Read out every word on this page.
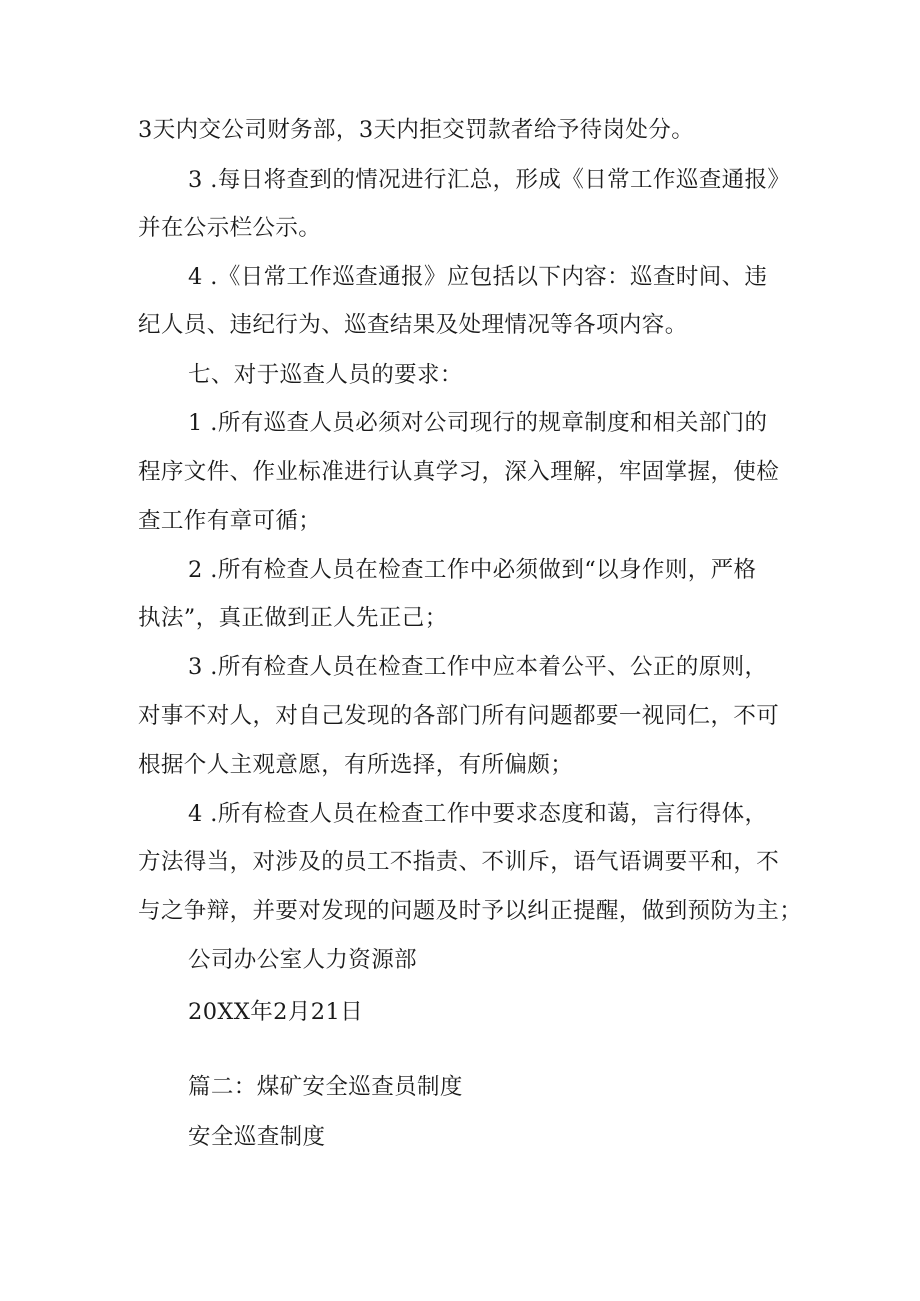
3天内交公司财务部，3天内拒交罚款者给予待岗处分。
3 .每日将查到的情况进行汇总，形成《日常工作巡查通报》
并在公示栏公示。
4 .《日常工作巡查通报》应包括以下内容：巡查时间、违
纪人员、违纪行为、巡查结果及处理情况等各项内容。
七、对于巡查人员的要求：
1 .所有巡查人员必须对公司现行的规章制度和相关部门的
程序文件、作业标准进行认真学习，深入理解，牢固掌握，使检
查工作有章可循；
2 .所有检查人员在检查工作中必须做到“以身作则，严格
执法”，真正做到正人先正己；
3 .所有检查人员在检查工作中应本着公平、公正的原则，
对事不对人，对自己发现的各部门所有问题都要一视同仁，不可
根据个人主观意愿，有所选择，有所偏颇；
4 .所有检查人员在检查工作中要求态度和蔼，言行得体，
方法得当，对涉及的员工不指责、不训斥，语气语调要平和，不
与之争辩，并要对发现的问题及时予以纠正提醒，做到预防为主；
公司办公室人力资源部
20XX年2月21日
篇二：煤矿安全巡查员制度
安全巡查制度
